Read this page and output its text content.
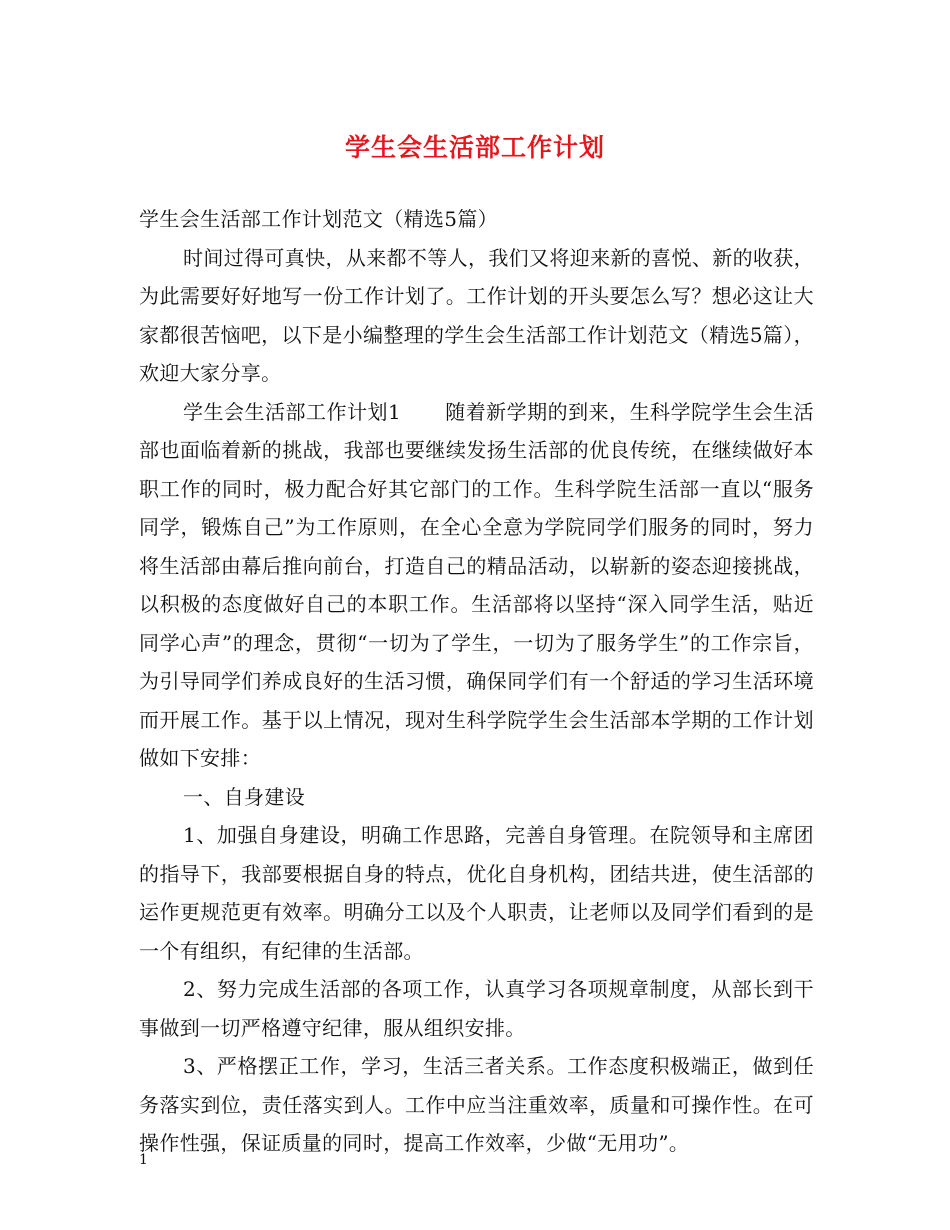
学生会生活部工作计划

学生会生活部工作计划范文（精选5篇）

时间过得可真快，从来都不等人，我们又将迎来新的喜悦、新的收获，为此需要好好地写一份工作计划了。工作计划的开头要怎么写？想必这让大家都很苦恼吧，以下是小编整理的学生会生活部工作计划范文（精选5篇），欢迎大家分享。

学生会生活部工作计划1 随着新学期的到来，生科学院学生会生活部也面临着新的挑战，我部也要继续发扬生活部的优良传统，在继续做好本职工作的同时，极力配合好其它部门的工作。生科学院生活部一直以“服务同学，锻炼自己”为工作原则，在全心全意为学院同学们服务的同时，努力将生活部由幕后推向前台，打造自己的精品活动，以崭新的姿态迎接挑战，以积极的态度做好自己的本职工作。生活部将以坚持“深入同学生活，贴近同学心声”的理念，贯彻“一切为了学生，一切为了服务学生”的工作宗旨，为引导同学们养成良好的生活习惯，确保同学们有一个舒适的学习生活环境而开展工作。基于以上情况，现对生科学院学生会生活部本学期的工作计划做如下安排：

一、自身建设

1、加强自身建设，明确工作思路，完善自身管理。在院领导和主席团的指导下，我部要根据自身的特点，优化自身机构，团结共进，使生活部的运作更规范更有效率。明确分工以及个人职责，让老师以及同学们看到的是一个有组织，有纪律的生活部。

2、努力完成生活部的各项工作，认真学习各项规章制度，从部长到干事做到一切严格遵守纪律，服从组织安排。

3、严格摆正工作，学习，生活三者关系。工作态度积极端正，做到任务落实到位，责任落实到人。工作中应当注重效率，质量和可操作性。在可操作性强，保证质量的同时，提高工作效率，少做“无用功”。

1
